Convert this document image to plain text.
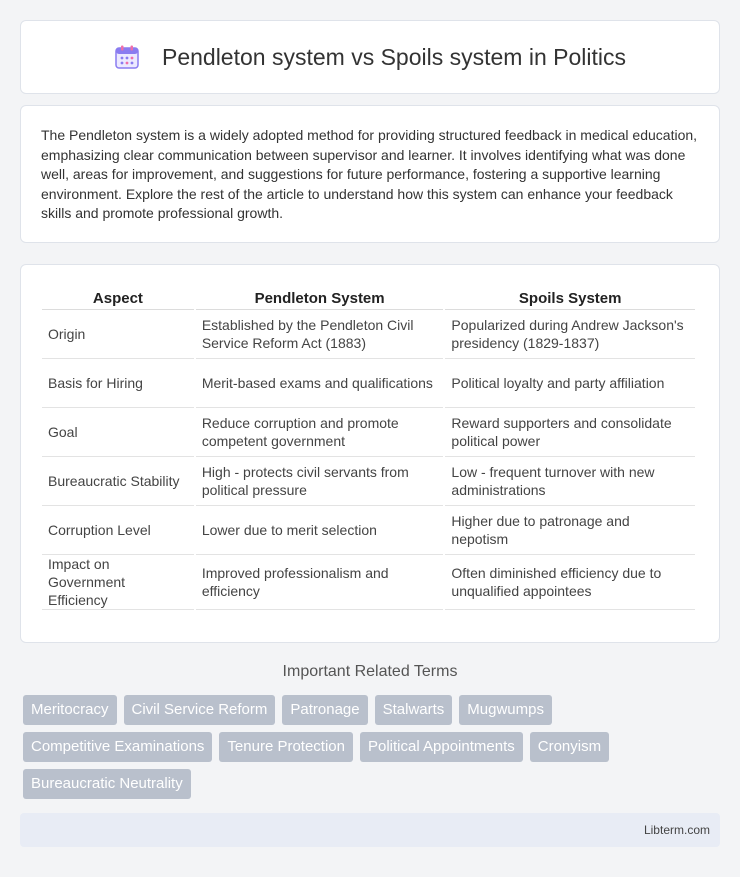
Pendleton system vs Spoils system in Politics

The Pendleton system is a widely adopted method for providing structured feedback in medical education, emphasizing clear communication between supervisor and learner. It involves identifying what was done well, areas for improvement, and suggestions for future performance, fostering a supportive learning environment. Explore the rest of the article to understand how this system can enhance your feedback skills and promote professional growth.

Aspect	Pendleton System	Spoils System
Origin	Established by the Pendleton Civil Service Reform Act (1883)	Popularized during Andrew Jackson's presidency (1829-1837)
Basis for Hiring	Merit-based exams and qualifications	Political loyalty and party affiliation
Goal	Reduce corruption and promote competent government	Reward supporters and consolidate political power
Bureaucratic Stability	High - protects civil servants from political pressure	Low - frequent turnover with new administrations
Corruption Level	Lower due to merit selection	Higher due to patronage and nepotism
Impact on Government Efficiency	Improved professionalism and efficiency	Often diminished efficiency due to unqualified appointees
Important Related Terms
Meritocracy	Civil Service Reform	Patronage	Stalwarts	Mugwumps
Competitive Examinations	Tenure Protection	Political Appointments	Cronyism
Bureaucratic Neutrality
Libterm.com
